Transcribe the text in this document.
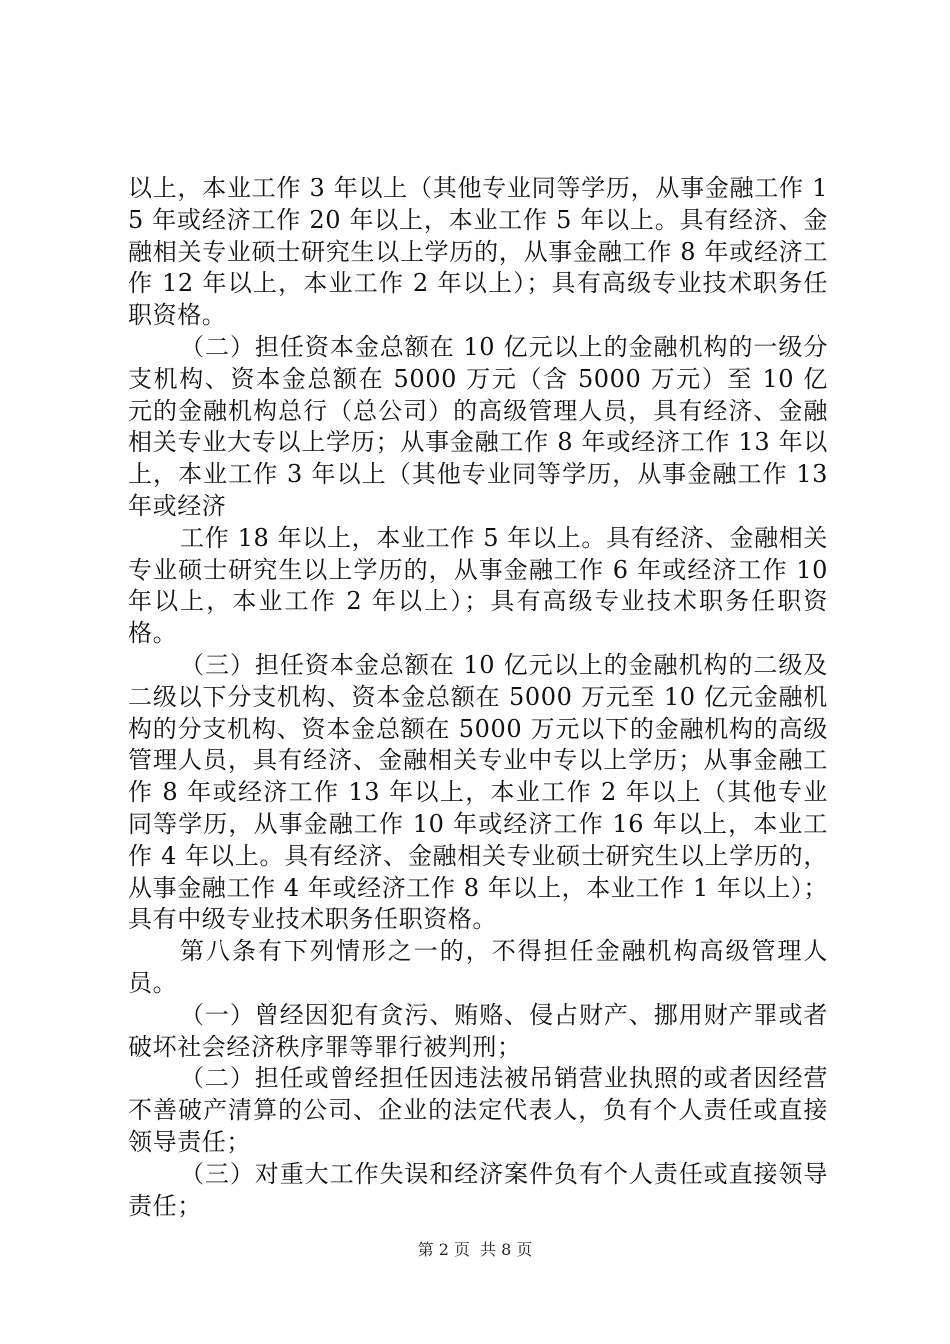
以上，本业工作 3 年以上（其他专业同等学历，从事金融工作 15 年或经济工作 20 年以上，本业工作 5 年以上。具有经济、金融相关专业硕士研究生以上学历的，从事金融工作 8 年或经济工作 12 年以上，本业工作 2 年以上）；具有高级专业技术职务任职资格。

（二）担任资本金总额在 10 亿元以上的金融机构的一级分支机构、资本金总额在 5000 万元（含 5000 万元）至 10 亿元的金融机构总行（总公司）的高级管理人员，具有经济、金融相关专业大专以上学历；从事金融工作 8 年或经济工作 13 年以上，本业工作 3 年以上（其他专业同等学历，从事金融工作 13 年或经济

工作 18 年以上，本业工作 5 年以上。具有经济、金融相关专业硕士研究生以上学历的，从事金融工作 6 年或经济工作 10 年以上，本业工作 2 年以上）；具有高级专业技术职务任职资格。

（三）担任资本金总额在 10 亿元以上的金融机构的二级及二级以下分支机构、资本金总额在 5000 万元至 10 亿元金融机构的分支机构、资本金总额在 5000 万元以下的金融机构的高级管理人员，具有经济、金融相关专业中专以上学历；从事金融工作 8 年或经济工作 13 年以上，本业工作 2 年以上（其他专业同等学历，从事金融工作 10 年或经济工作 16 年以上，本业工作 4 年以上。具有经济、金融相关专业硕士研究生以上学历的，从事金融工作 4 年或经济工作 8 年以上，本业工作 1 年以上）；具有中级专业技术职务任职资格。

第八条有下列情形之一的，不得担任金融机构高级管理人员。

（一）曾经因犯有贪污、贿赂、侵占财产、挪用财产罪或者破坏社会经济秩序罪等罪行被判刑；

（二）担任或曾经担任因违法被吊销营业执照的或者因经营不善破产清算的公司、企业的法定代表人，负有个人责任或直接领导责任；

（三）对重大工作失误和经济案件负有个人责任或直接领导责任；

第 2 页 共 8 页
